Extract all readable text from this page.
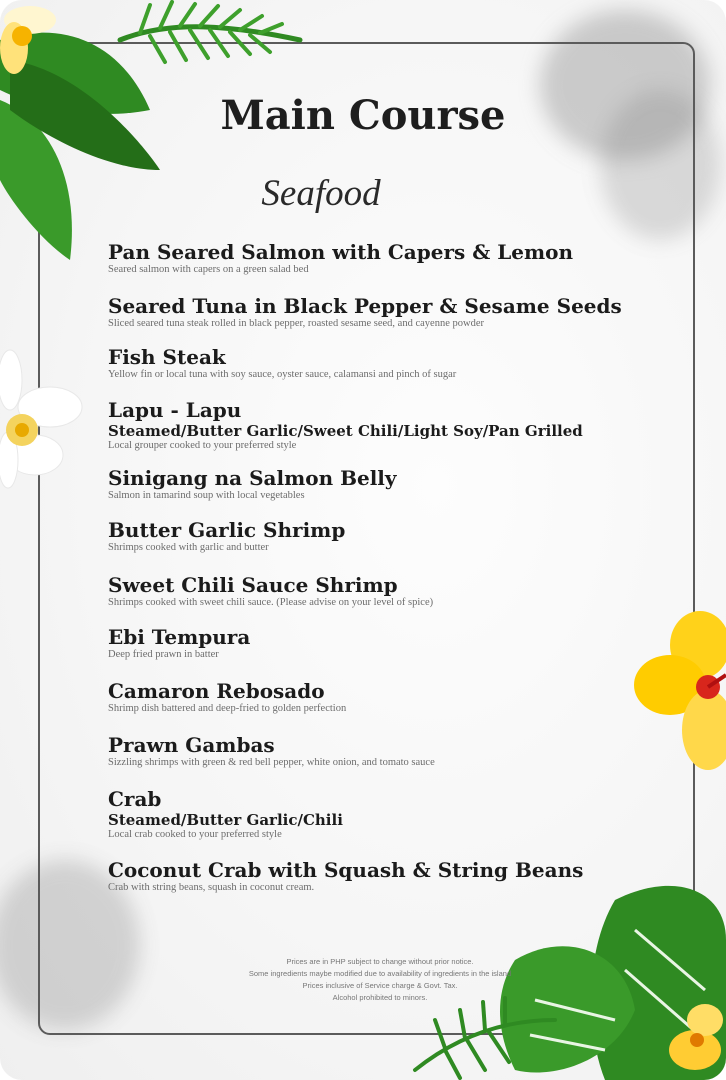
Main Course
Seafood
Pan Seared Salmon with Capers & Lemon
Seared salmon with capers on a green salad bed
Seared Tuna in Black Pepper & Sesame Seeds
Sliced seared tuna steak rolled in black pepper, roasted sesame seed, and cayenne powder
Fish Steak
Yellow fin or local tuna with soy sauce, oyster sauce, calamansi and pinch of sugar
Lapu - Lapu
Steamed/Butter Garlic/Sweet Chili/Light Soy/Pan Grilled
Local grouper cooked to your preferred style
Sinigang na Salmon Belly
Salmon in tamarind soup with local vegetables
Butter Garlic Shrimp
Shrimps cooked with garlic and butter
Sweet Chili Sauce Shrimp
Shrimps cooked with sweet chili sauce. (Please advise on your level of spice)
Ebi Tempura
Deep fried prawn in batter
Camaron Rebosado
Shrimp dish battered and deep-fried to golden perfection
Prawn Gambas
Sizzling shrimps with green & red bell pepper, white onion, and tomato sauce
Crab
Steamed/Butter Garlic/Chili
Local crab cooked to your preferred style
Coconut Crab with Squash & String Beans
Crab with string beans, squash in coconut cream.
Prices are in PHP subject to change without prior notice.
Some ingredients maybe modified due to availability of ingredients in the island
Prices inclusive of Service charge & Govt. Tax.
Alcohol prohibited to minors.
